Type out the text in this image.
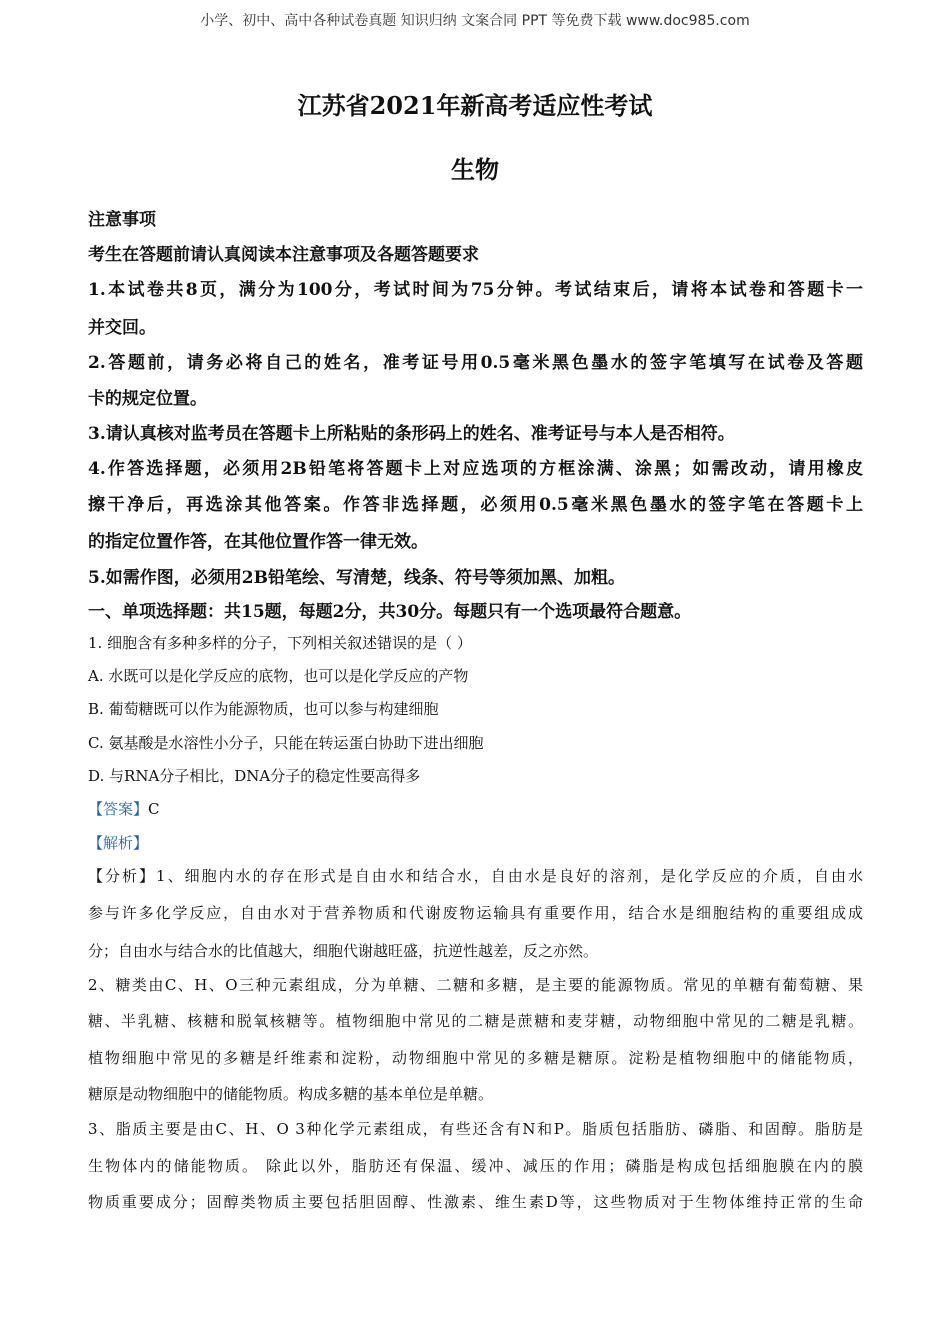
小学、初中、高中各种试卷真题 知识归纳 文案合同 PPT 等免费下载 www.doc985.com
江苏省2021年新高考适应性考试
生物
注意事项
考生在答题前请认真阅读本注意事项及各题答题要求
1.本试卷共8页，满分为100分，考试时间为75分钟。考试结束后，请将本试卷和答题卡一
并交回。
2.答题前，请务必将自己的姓名，准考证号用0.5毫米黑色墨水的签字笔填写在试卷及答题
卡的规定位置。
3.请认真核对监考员在答题卡上所粘贴的条形码上的姓名、准考证号与本人是否相符。
4.作答选择题，必须用2B铅笔将答题卡上对应选项的方框涂满、涂黑；如需改动，请用橡皮
擦干净后，再选涂其他答案。作答非选择题，必须用0.5毫米黑色墨水的签字笔在答题卡上
的指定位置作答，在其他位置作答一律无效。
5.如需作图，必须用2B铅笔绘、写清楚，线条、符号等须加黑、加粗。
一、单项选择题：共15题，每题2分，共30分。每题只有一个选项最符合题意。
1. 细胞含有多种多样的分子，下列相关叙述错误的是（ ）
A. 水既可以是化学反应的底物，也可以是化学反应的产物
B. 葡萄糖既可以作为能源物质，也可以参与构建细胞
C. 氨基酸是水溶性小分子，只能在转运蛋白协助下进出细胞
D. 与RNA分子相比，DNA分子的稳定性要高得多
【答案】C
【解析】
【分析】1、细胞内水的存在形式是自由水和结合水，自由水是良好的溶剂，是化学反应的介质，自由水
参与许多化学反应，自由水对于营养物质和代谢废物运输具有重要作用，结合水是细胞结构的重要组成成
分；自由水与结合水的比值越大，细胞代谢越旺盛，抗逆性越差，反之亦然。
2、糖类由C、H、O三种元素组成，分为单糖、二糖和多糖，是主要的能源物质。常见的单糖有葡萄糖、果
糖、半乳糖、核糖和脱氧核糖等。植物细胞中常见的二糖是蔗糖和麦芽糖，动物细胞中常见的二糖是乳糖。
植物细胞中常见的多糖是纤维素和淀粉，动物细胞中常见的多糖是糖原。淀粉是植物细胞中的储能物质，
糖原是动物细胞中的储能物质。构成多糖的基本单位是单糖。
3、脂质主要是由C、H、O 3种化学元素组成，有些还含有N和P。脂质包括脂肪、磷脂、和固醇。脂肪是
生物体内的储能物质。 除此以外，脂肪还有保温、缓冲、减压的作用；磷脂是构成包括细胞膜在内的膜
物质重要成分；固醇类物质主要包括胆固醇、性激素、维生素D等，这些物质对于生物体维持正常的生命
